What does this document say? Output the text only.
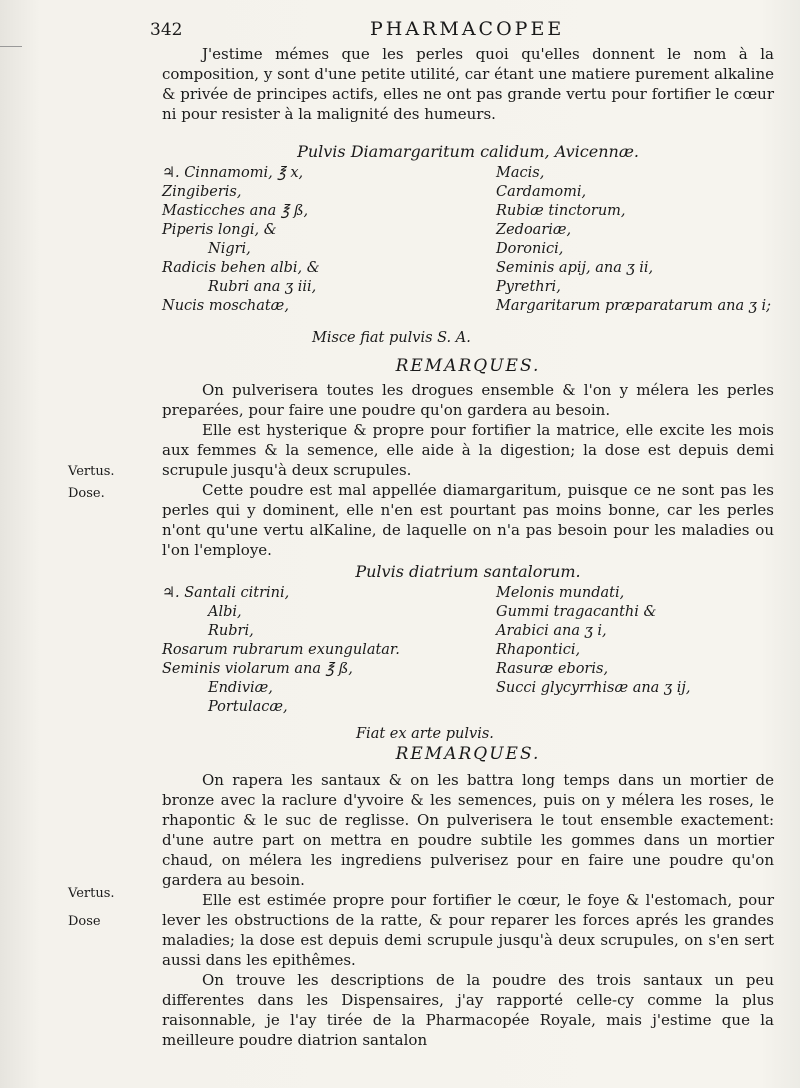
342	PHARMACOPEE

J'estime mémes que les perles quoi qu'elles donnent le nom à la composition, y sont d'une petite utilité, car étant une matiere purement alkaline & privée de principes actifs, elles ne ont pas grande vertu pour fortifier le cœur ni pour resister à la malignité des humeurs.

Pulvis Diamargaritum calidum, Avicennæ.
♃. Cinnamomi, ℥ x,
Zingiberis,
Masticches ana ℥ ß,
Piperis longi, &
Nigri,
Radicis behen albi, &
Rubri ana ʒ iii,
Nucis moschatæ,
Macis,
Cardamomi,
Rubiæ tinctorum,
Zedoariæ,
Doronici,
Seminis apij, ana ʒ ii,
Pyrethri,
Margaritarum præparatarum ana ʒ i;
Misce fiat pulvis S. A.
REMARQUES.

On pulverisera toutes les drogues ensemble & l'on y mélera les perles preparées, pour faire une poudre qu'on gardera au besoin.

Elle est hysterique & propre pour fortifier la matrice, elle excite les mois aux femmes & la semence, elle aide à la digestion; la dose est depuis demi scrupule jusqu'à deux scrupules.

Cette poudre est mal appellée diamargaritum, puisque ce ne sont pas les perles qui y dominent, elle n'en est pourtant pas moins bonne, car les perles n'ont qu'une vertu alKaline, de laquelle on n'a pas besoin pour les maladies ou l'on l'employe.

Vertus.
Dose.
Pulvis diatrium santalorum.
♃. Santali citrini,
Albi,
Rubri,
Rosarum rubrarum exungulatar.
Seminis violarum ana ℥ ß,
Endiviæ,
Portulacæ,
Melonis mundati,
Gummi tragacanthi &
Arabici ana ʒ i,
Rhapontici,
Rasuræ eboris,
Succi glycyrrhisæ ana ʒ ij,
Fiat ex arte pulvis.
REMARQUES.

On rapera les santaux & on les battra long temps dans un mortier de bronze avec la raclure d'yvoire & les semences, puis on y mélera les roses, le rhapontic & le suc de reglisse. On pulverisera le tout ensemble exactement: d'une autre part on mettra en poudre subtile les gommes dans un mortier chaud, on mélera les ingrediens pulverisez pour en faire une poudre qu'on gardera au besoin.

Elle est estimée propre pour fortifier le cœur, le foye & l'estomach, pour lever les obstructions de la ratte, & pour reparer les forces aprés les grandes maladies; la dose est depuis demi scrupule jusqu'à deux scrupules, on s'en sert aussi dans les epithêmes.

On trouve les descriptions de la poudre des trois santaux un peu differentes dans les Dispensaires, j'ay rapporté celle-cy comme la plus raisonnable, je l'ay tirée de la Pharmacopée Royale, mais j'estime que la meilleure poudre diatrion santalon

Vertus.
Dose
